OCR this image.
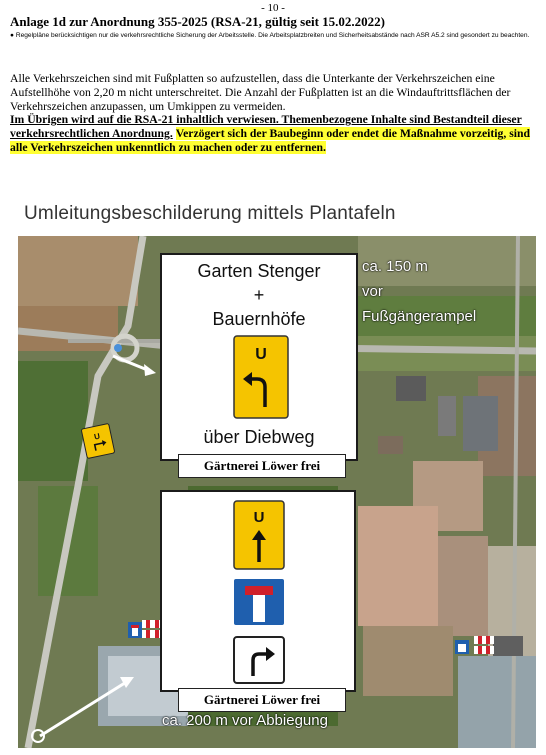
- 10 -
Anlage 1d zur Anordnung 355-2025 (RSA-21, gültig seit 15.02.2022)
● Regelpläne berücksichtigen nur die verkehrsrechtliche Sicherung der Arbeitsstelle. Die Arbeitsplatzbreiten und Sicherheitsabstände nach ASR A5.2 sind gesondert zu beachten.
Alle Verkehrszeichen sind mit Fußplatten so aufzustellen, dass die Unterkante der Verkehrszeichen eine Aufstellhöhe von 2,20 m nicht unterschreitet. Die Anzahl der Fußplatten ist an die Windauftrittsflächen der Verkehrszeichen anzupassen, um Umkippen zu vermeiden.
Im Übrigen wird auf die RSA-21 inhaltlich verwiesen. Themenbezogene Inhalte sind Bestandteil dieser verkehrsrechtlichen Anordnung. Verzögert sich der Baubeginn oder endet die Maßnahme vorzeitig, sind alle Verkehrszeichen unkenntlich zu machen oder zu entfernen.
Umleitungsbeschilderung mittels Plantafeln
U
ca. 150 m
vor
Fußgängerampel
ca. 200 m vor Abbiegung
Garten Stenger
+
Bauernhöfe
U
über Diebweg
Gärtnerei Löwer frei
U
Gärtnerei Löwer frei
